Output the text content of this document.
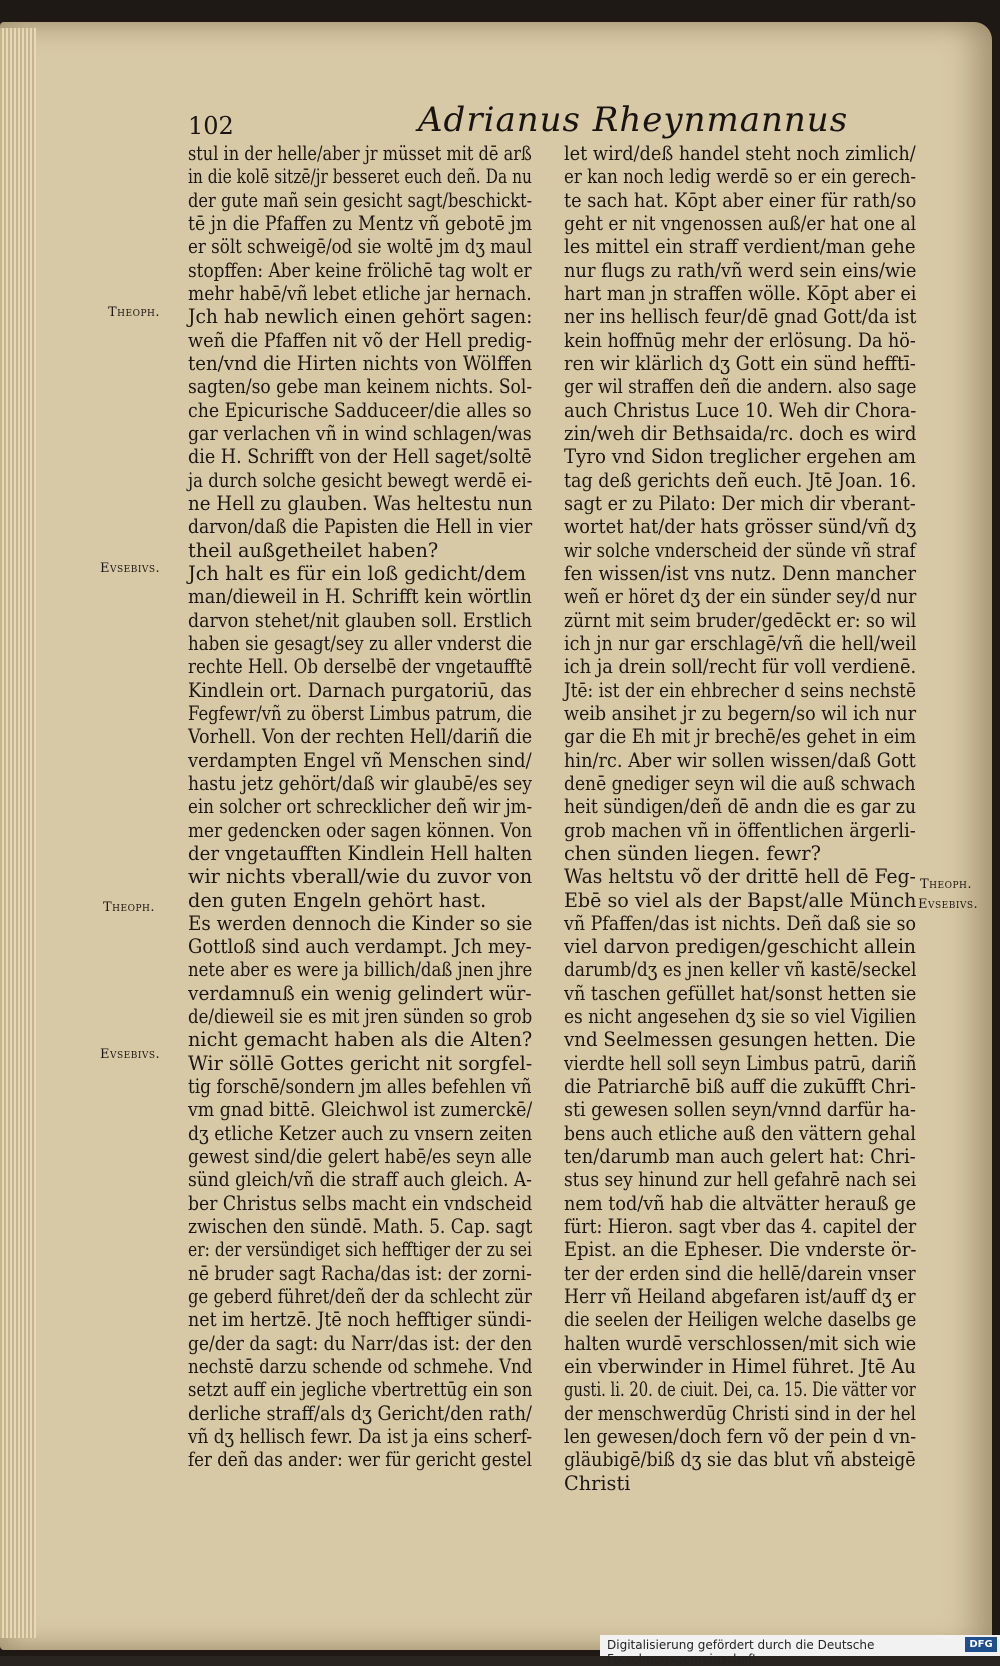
102	Adrianus Rheynmannus
Theoph.
Evsebivs.
Theoph.
Evsebivs.
Theoph.
Evsebivs.
stul in der helle/aber jr müsset mit dē arß
in die kolē sitzē/jr besseret euch deñ. Da nu
der gute mañ sein gesicht sagt/beschickt-
tē jn die Pfaffen zu Mentz vñ gebotē jm
er sölt schweigē/od sie woltē jm dʒ maul
stopffen: Aber keine frölichē tag wolt er
mehr habē/vñ lebet etliche jar hernach.
Jch hab newlich einen gehört sagen:
weñ die Pfaffen nit võ der Hell predig-
ten/vnd die Hirten nichts von Wölffen
sagten/so gebe man keinem nichts. Sol-
che Epicurische Sadduceer/die alles so
gar verlachen vñ in wind schlagen/was
die H. Schrifft von der Hell saget/soltē
ja durch solche gesicht bewegt werdē ei-
ne Hell zu glauben. Was heltestu nun
darvon/daß die Papisten die Hell in vier
theil außgetheilet haben?
Jch halt es für ein loß gedicht/dem
man/dieweil in H. Schrifft kein wörtlin
darvon stehet/nit glauben soll. Erstlich
haben sie gesagt/sey zu aller vnderst die
rechte Hell. Ob derselbē der vngetaufftē
Kindlein ort. Darnach purgatoriū, das
Fegfewr/vñ zu öberst Limbus patrum, die
Vorhell. Von der rechten Hell/dariñ die
verdampten Engel vñ Menschen sind/
hastu jetz gehört/daß wir glaubē/es sey
ein solcher ort schrecklicher deñ wir jm-
mer gedencken oder sagen können. Von
der vngetaufften Kindlein Hell halten
wir nichts vberall/wie du zuvor von
den guten Engeln gehört hast.
Es werden dennoch die Kinder so sie
Gottloß sind auch verdampt. Jch mey-
nete aber es were ja billich/daß jnen jhre
verdamnuß ein wenig gelindert wür-
de/dieweil sie es mit jren sünden so grob
nicht gemacht haben als die Alten?
Wir söllē Gottes gericht nit sorgfel-
tig forschē/sondern jm alles befehlen vñ
vm gnad bittē. Gleichwol ist zumerckē/
dʒ etliche Ketzer auch zu vnsern zeiten
gewest sind/die gelert habē/es seyn alle
sünd gleich/vñ die straff auch gleich. A-
ber Christus selbs macht ein vndscheid
zwischen den sündē. Math. 5. Cap. sagt
er: der versündiget sich hefftiger der zu sei
nē bruder sagt Racha/das ist: der zorni-
ge geberd führet/deñ der da schlecht zür
net im hertzē. Jtē noch hefftiger sündi-
ge/der da sagt: du Narr/das ist: der den
nechstē darzu schende od schmehe. Vnd
setzt auff ein jegliche vbertrettūg ein son
derliche straff/als dʒ Gericht/den rath/
vñ dʒ hellisch fewr. Da ist ja eins scherf-
fer deñ das ander: wer für gericht gestel
let wird/deß handel steht noch zimlich/
er kan noch ledig werdē so er ein gerech-
te sach hat. Kōpt aber einer für rath/so
geht er nit vngenossen auß/er hat one al
les mittel ein straff verdient/man gehe
nur flugs zu rath/vñ werd sein eins/wie
hart man jn straffen wölle. Kōpt aber ei
ner ins hellisch feur/dē gnad Gott/da ist
kein hoffnūg mehr der erlösung. Da hö-
ren wir klärlich dʒ Gott ein sünd hefftī-
ger wil straffen deñ die andern. also sage
auch Christus Luce 10. Weh dir Chora-
zin/weh dir Bethsaida/rc. doch es wird
Tyro vnd Sidon treglicher ergehen am
tag deß gerichts deñ euch. Jtē Joan. 16.
sagt er zu Pilato: Der mich dir vberant-
wortet hat/der hats grösser sünd/vñ dʒ
wir solche vnderscheid der sünde vñ straf
fen wissen/ist vns nutz. Denn mancher
weñ er höret dʒ der ein sünder sey/d nur
zürnt mit seim bruder/gedēckt er: so wil
ich jn nur gar erschlagē/vñ die hell/weil
ich ja drein soll/recht für voll verdienē.
Jtē: ist der ein ehbrecher d seins nechstē
weib ansihet jr zu begern/so wil ich nur
gar die Eh mit jr brechē/es gehet in eim
hin/rc. Aber wir sollen wissen/daß Gott
denē gnediger seyn wil die auß schwach
heit sündigen/deñ dē andn die es gar zu
grob machen vñ in öffentlichen ärgerli-
chen sünden liegen. fewr?
Was heltstu võ der drittē hell dē Feg-
Ebē so viel als der Bapst/alle Münch
vñ Pfaffen/das ist nichts. Deñ daß sie so
viel darvon predigen/geschicht allein
darumb/dʒ es jnen keller vñ kastē/seckel
vñ taschen gefüllet hat/sonst hetten sie
es nicht angesehen dʒ sie so viel Vigilien
vnd Seelmessen gesungen hetten. Die
vierdte hell soll seyn Limbus patrū, dariñ
die Patriarchē biß auff die zukūfft Chri-
sti gewesen sollen seyn/vnnd darfür ha-
bens auch etliche auß den vättern gehal
ten/darumb man auch gelert hat: Chri-
stus sey hinund zur hell gefahrē nach sei
nem tod/vñ hab die altvätter herauß ge
fürt: Hieron. sagt vber das 4. capitel der
Epist. an die Epheser. Die vnderste ör-
ter der erden sind die hellē/darein vnser
Herr vñ Heiland abgefaren ist/auff dʒ er
die seelen der Heiligen welche daselbs ge
halten wurdē verschlossen/mit sich wie
ein vberwinder in Himel führet. Jtē Au
gusti. li. 20. de ciuit. Dei, ca. 15. Die vätter vor
der menschwerdūg Christi sind in der hel
len gewesen/doch fern võ der pein d vn-
gläubigē/biß dʒ sie das blut vñ absteigē
Christi
Digitalisierung gefördert durch die Deutsche Forschungsgemeinschaft
DFG
